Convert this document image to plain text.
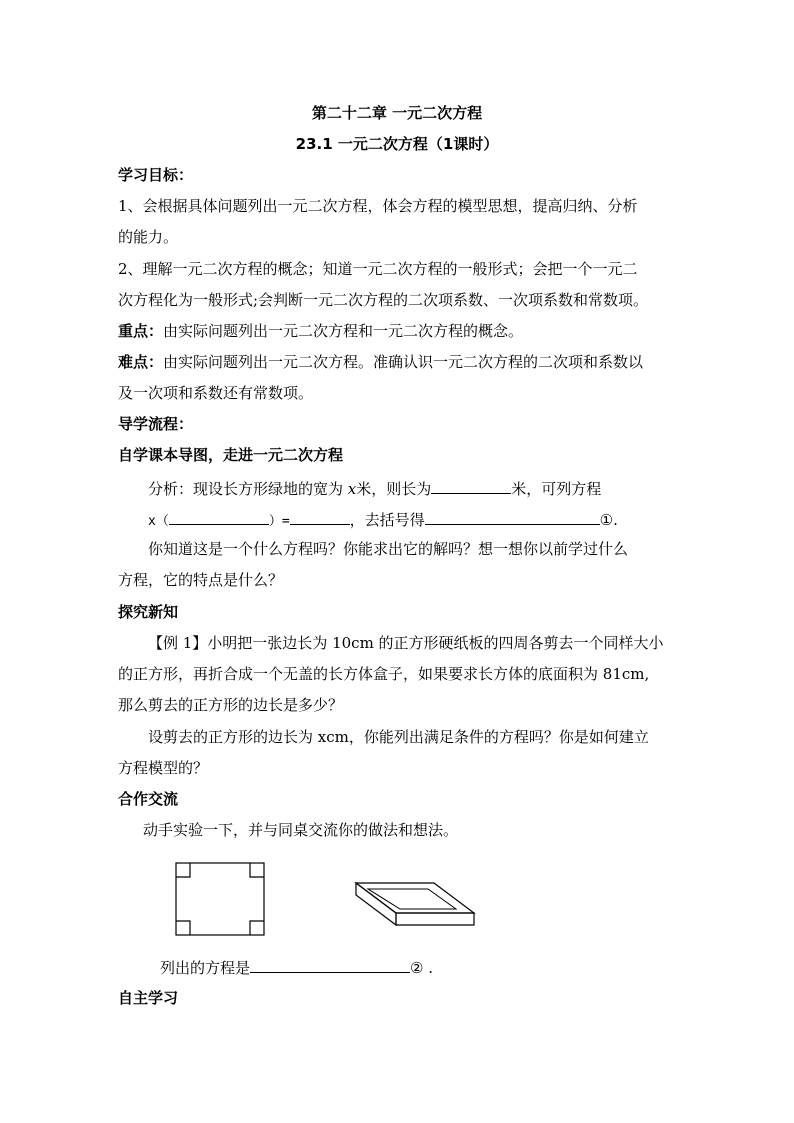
第二十二章 一元二次方程
23.1 一元二次方程（1课时）
学习目标：
1、会根据具体问题列出一元二次方程，体会方程的模型思想，提高归纳、分析
的能力。
2、理解一元二次方程的概念；知道一元二次方程的一般形式；会把一个一元二
次方程化为一般形式;会判断一元二次方程的二次项系数、一次项系数和常数项。
重点：由实际问题列出一元二次方程和一元二次方程的概念。
难点：由实际问题列出一元二次方程。准确认识一元二次方程的二次项和系数以
及一次项和系数还有常数项。
导学流程：
自学课本导图，走进一元二次方程
分析：现设长方形绿地的宽为 x米，则长为	米，可列方程
x（	）=	，去括号得	①.
你知道这是一个什么方程吗？你能求出它的解吗？想一想你以前学过什么
方程，它的特点是什么？
探究新知
【例 1】小明把一张边长为 10cm 的正方形硬纸板的四周各剪去一个同样大小
的正方形，再折合成一个无盖的长方体盒子，如果要求长方体的底面积为 81cm,
那么剪去的正方形的边长是多少？
设剪去的正方形的边长为 xcm，你能列出满足条件的方程吗？你是如何建立
方程模型的？
合作交流
动手实验一下，并与同桌交流你的做法和想法。
列出的方程是	② .
自主学习
